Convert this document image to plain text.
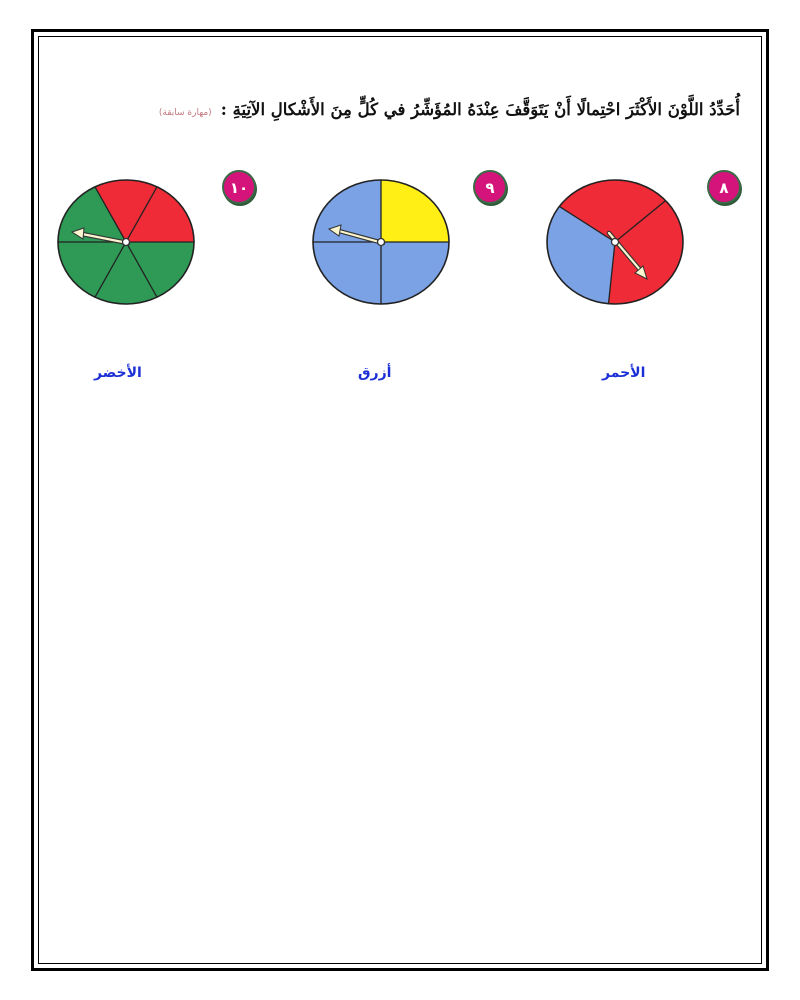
أُحَدِّدُ اللَّوْنَ الأَكْثَرَ احْتِمالًا أَنْ يَتَوَقَّفَ عِنْدَهُ المُؤَشِّرُ في كُلٍّ مِنَ الأَشْكالِ الآتِيَةِ : (مهارة سابقة)
٨
الأحمر
٩
أزرق
١٠
الأخضر
